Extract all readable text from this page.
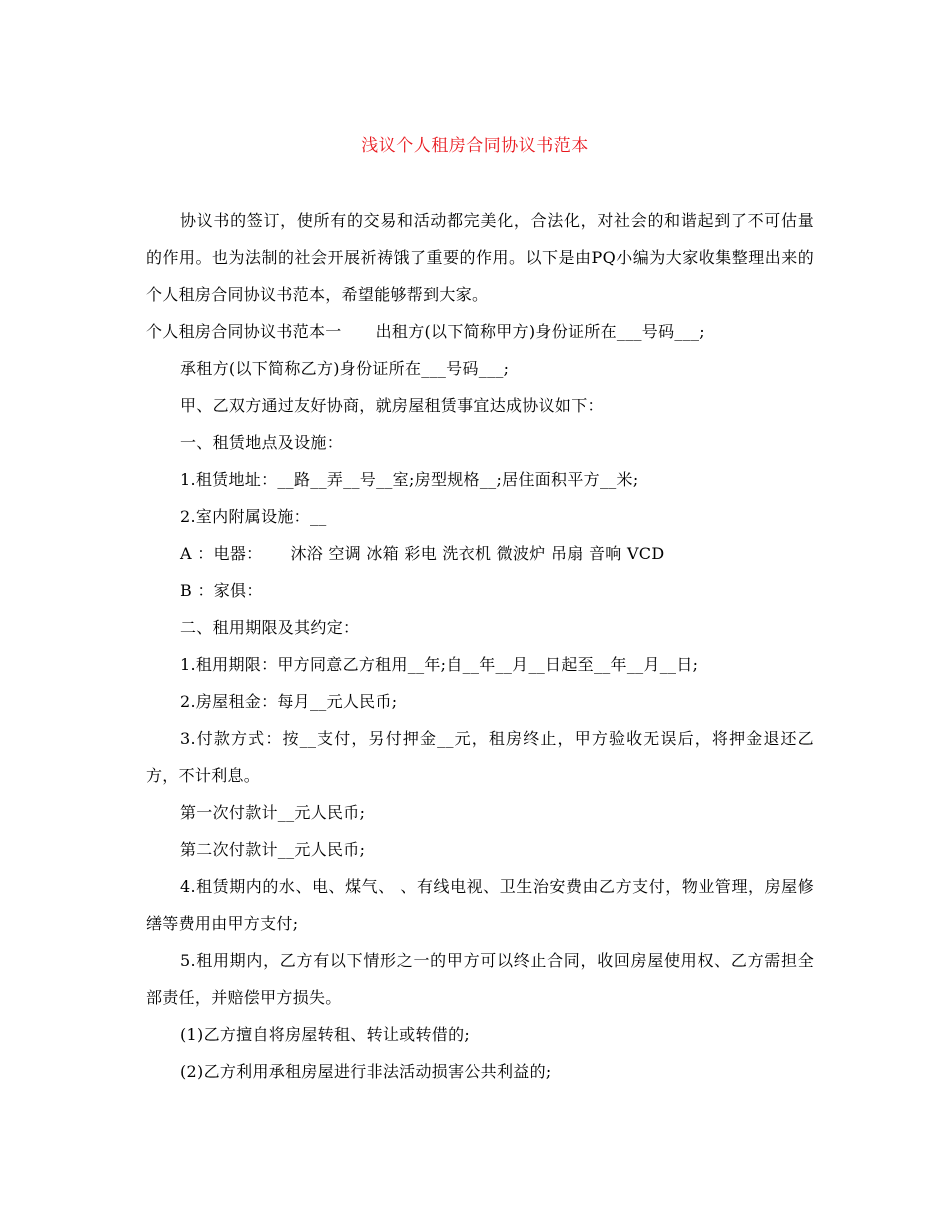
浅议个人租房合同协议书范本

协议书的签订，使所有的交易和活动都完美化，合法化，对社会的和谐起到了不可估量的作用。也为法制的社会开展祈祷饿了重要的作用。以下是由PQ小编为大家收集整理出来的个人租房合同协议书范本，希望能够帮到大家。

个人租房合同协议书范本一 出租方(以下简称甲方)身份证所在___号码___;

承租方(以下简称乙方)身份证所在___号码___;

甲、乙双方通过友好协商，就房屋租赁事宜达成协议如下：

一、租赁地点及设施：

1.租赁地址：__路__弄__号__室;房型规格__;居住面积平方__米;

2.室内附属设施：__

A ：电器： 沐浴 空调 冰箱 彩电 洗衣机 微波炉 吊扇 音响 VCD

B ：家俱：

二、租用期限及其约定：

1.租用期限：甲方同意乙方租用__年;自__年__月__日起至__年__月__日;

2.房屋租金：每月__元人民币;

3.付款方式：按__支付，另付押金__元，租房终止，甲方验收无误后，将押金退还乙方，不计利息。

第一次付款计__元人民币;

第二次付款计__元人民币;

4.租赁期内的水、电、煤气、 、有线电视、卫生治安费由乙方支付，物业管理，房屋修缮等费用由甲方支付;

5.租用期内，乙方有以下情形之一的甲方可以终止合同，收回房屋使用权、乙方需担全部责任，并赔偿甲方损失。

(1)乙方擅自将房屋转租、转让或转借的;

(2)乙方利用承租房屋进行非法活动损害公共利益的;
